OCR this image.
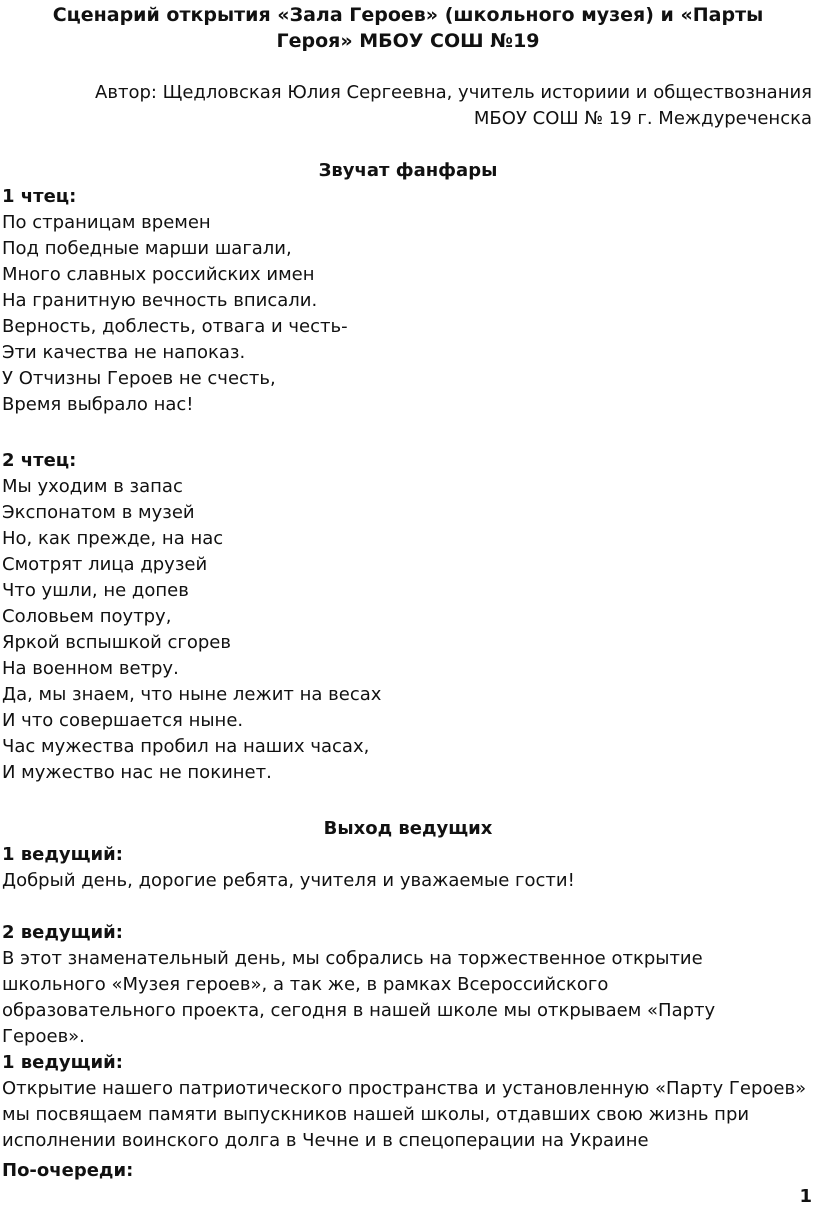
Сценарий открытия «Зала Героев» (школьного музея) и «Парты
Героя» МБОУ СОШ №19
Автор: Щедловская Юлия Сергеевна, учитель историии и обществознания
МБОУ СОШ № 19 г. Междуреченска
Звучат фанфары
1 чтец:
По страницам времен
Под победные марши шагали,
Много славных российских имен
На гранитную вечность вписали.
Верность, доблесть, отвага и честь-
Эти качества не напоказ.
У Отчизны Героев не счесть,
Время выбрало нас!
2 чтец:
Мы уходим в запас
Экспонатом в музей
Но, как прежде, на нас
Смотрят лица друзей
Что ушли, не допев
Соловьем поутру,
Яркой вспышкой сгорев
На военном ветру.
Да, мы знаем, что ныне лежит на весах
И что совершается ныне.
Час мужества пробил на наших часах,
И мужество нас не покинет.
Выход ведущих
1 ведущий:
Добрый день, дорогие ребята, учителя и уважаемые гости!
2 ведущий:
В этот знаменательный день, мы собрались на торжественное открытие школьного «Музея героев», а так же, в рамках Всероссийского образовательного проекта, сегодня в нашей школе мы открываем «Парту Героев».
1 ведущий:
Открытие нашего патриотического пространства и установленную «Парту Героев» мы посвящаем памяти выпускников нашей школы, отдавших свою жизнь при исполнении воинского долга в Чечне и в спецоперации на Украине
По-очереди:
1
